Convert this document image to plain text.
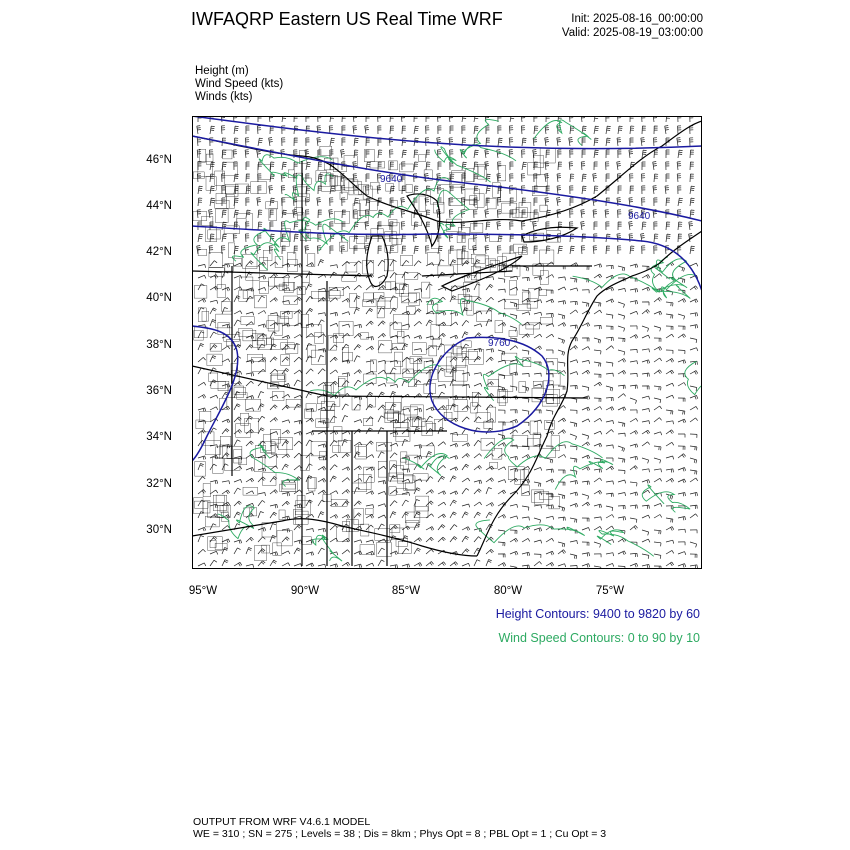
IWFAQRP Eastern US Real Time WRF	Init: 2025-08-16_00:00:00
Valid: 2025-08-19_03:00:00
Height (m)
Wind Speed (kts)
Winds (kts)
9640
9640
9760
46°N
44°N
42°N
40°N
38°N
36°N
34°N
32°N
30°N
95°W	90°W	85°W	80°W	75°W
Height Contours: 9400 to 9820 by 60
Wind Speed Contours: 0 to 90 by 10
OUTPUT FROM WRF V4.6.1 MODEL
WE = 310 ; SN = 275 ; Levels = 38 ; Dis = 8km ; Phys Opt = 8 ; PBL Opt = 1 ; Cu Opt = 3
